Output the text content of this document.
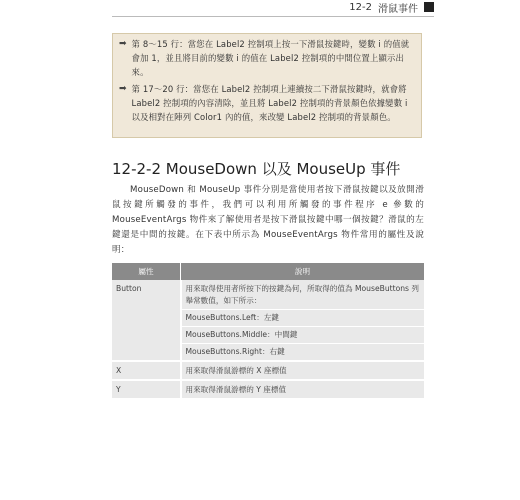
12-2 滑鼠事件
➡ 第 8～15 行：當您在 Label2 控制項上按一下滑鼠按鍵時，變數 i 的值就會加 1，並且將目前的變數 i 的值在 Label2 控制項的中間位置上顯示出來。
➡ 第 17～20 行：當您在 Label2 控制項上連續按二下滑鼠按鍵時，就會將 Label2 控制項的內容清除，並且將 Label2 控制項的背景顏色依據變數 i 以及相對在陣列 Color1 內的值，來改變 Label2 控制項的背景顏色。
12-2-2 MouseDown 以及 MouseUp 事件
MouseDown 和 MouseUp 事件分別是當使用者按下滑鼠按鍵以及放開滑鼠按鍵所觸發的事件，我們可以利用所觸發的事件程序 e 參數的 MouseEventArgs 物件來了解使用者是按下滑鼠按鍵中哪一個按鍵？滑鼠的左鍵還是中間的按鍵。在下表中所示為 MouseEventArgs 物件常用的屬性及說明：
屬性	說明
Button	用來取得使用者所按下的按鍵為何，所取得的值為 MouseButtons 列舉常數值，如下所示：
MouseButtons.Left：左鍵
MouseButtons.Middle：中間鍵
MouseButtons.Right：右鍵

X	用來取得滑鼠游標的 X 座標值

Y	用來取得滑鼠游標的 Y 座標值
